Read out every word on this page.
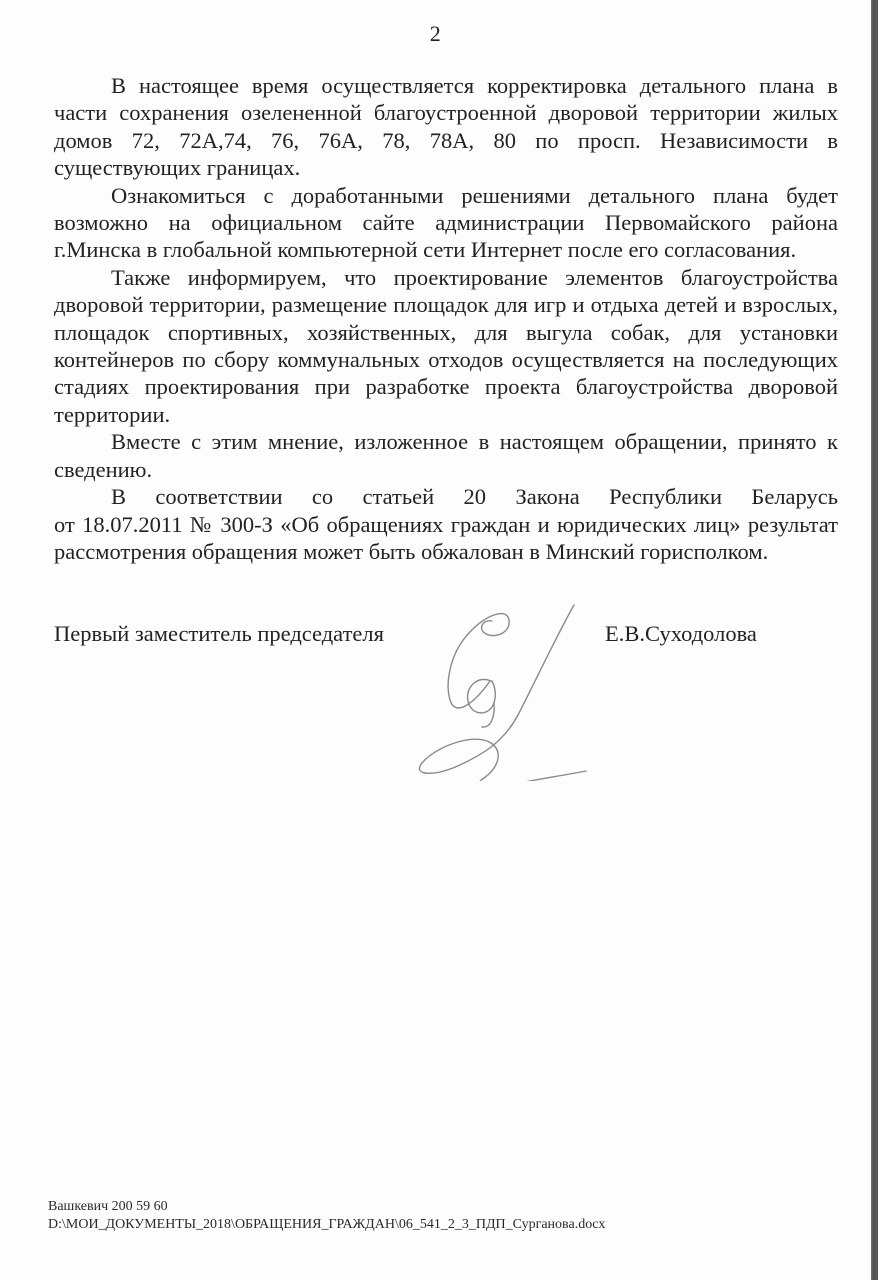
2

В настоящее время осуществляется корректировка детального плана в части сохранения озелененной благоустроенной дворовой территории жилых домов 72, 72А,74, 76, 76А, 78, 78А, 80 по просп. Независимости в существующих границах.

Ознакомиться с доработанными решениями детального плана будет возможно на официальном сайте администрации Первомайского района г.Минска в глобальной компьютерной сети Интернет после его согласования.

Также информируем, что проектирование элементов благоустройства дворовой территории, размещение площадок для игр и отдыха детей и взрослых, площадок спортивных, хозяйственных, для выгула собак, для установки контейнеров по сбору коммунальных отходов осуществляется на последующих стадиях проектирования при разработке проекта благоустройства дворовой территории.

Вместе с этим мнение, изложенное в настоящем обращении, принято к сведению.

В соответствии со статьей 20 Закона Республики Беларусь от 18.07.2011 № 300-З «Об обращениях граждан и юридических лиц» результат рассмотрения обращения может быть обжалован в Минский горисполком.

Первый заместитель председателя	Е.В.Суходолова
Вашкевич 200 59 60
D:\МОИ_ДОКУМЕНТЫ_2018\ОБРАЩЕНИЯ_ГРАЖДАН\06_541_2_3_ПДП_Сурганова.docx
